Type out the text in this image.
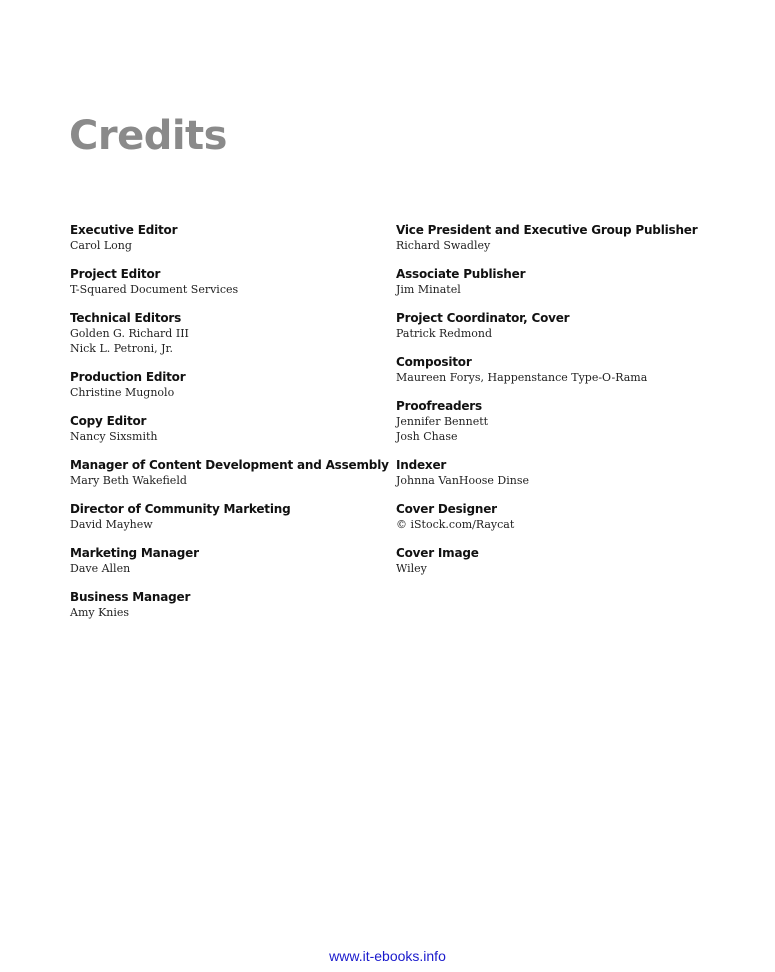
Credits
Executive Editor
Carol Long
Project Editor
T-Squared Document Services
Technical Editors
Golden G. Richard III
Nick L. Petroni, Jr.
Production Editor
Christine Mugnolo
Copy Editor
Nancy Sixsmith
Manager of Content Development and Assembly
Mary Beth Wakefield
Director of Community Marketing
David Mayhew
Marketing Manager
Dave Allen
Business Manager
Amy Knies
Vice President and Executive Group Publisher
Richard Swadley
Associate Publisher
Jim Minatel
Project Coordinator, Cover
Patrick Redmond
Compositor
Maureen Forys, Happenstance Type-O-Rama
Proofreaders
Jennifer Bennett
Josh Chase
Indexer
Johnna VanHoose Dinse
Cover Designer
© iStock.com/Raycat
Cover Image
Wiley
www.it-ebooks.info
